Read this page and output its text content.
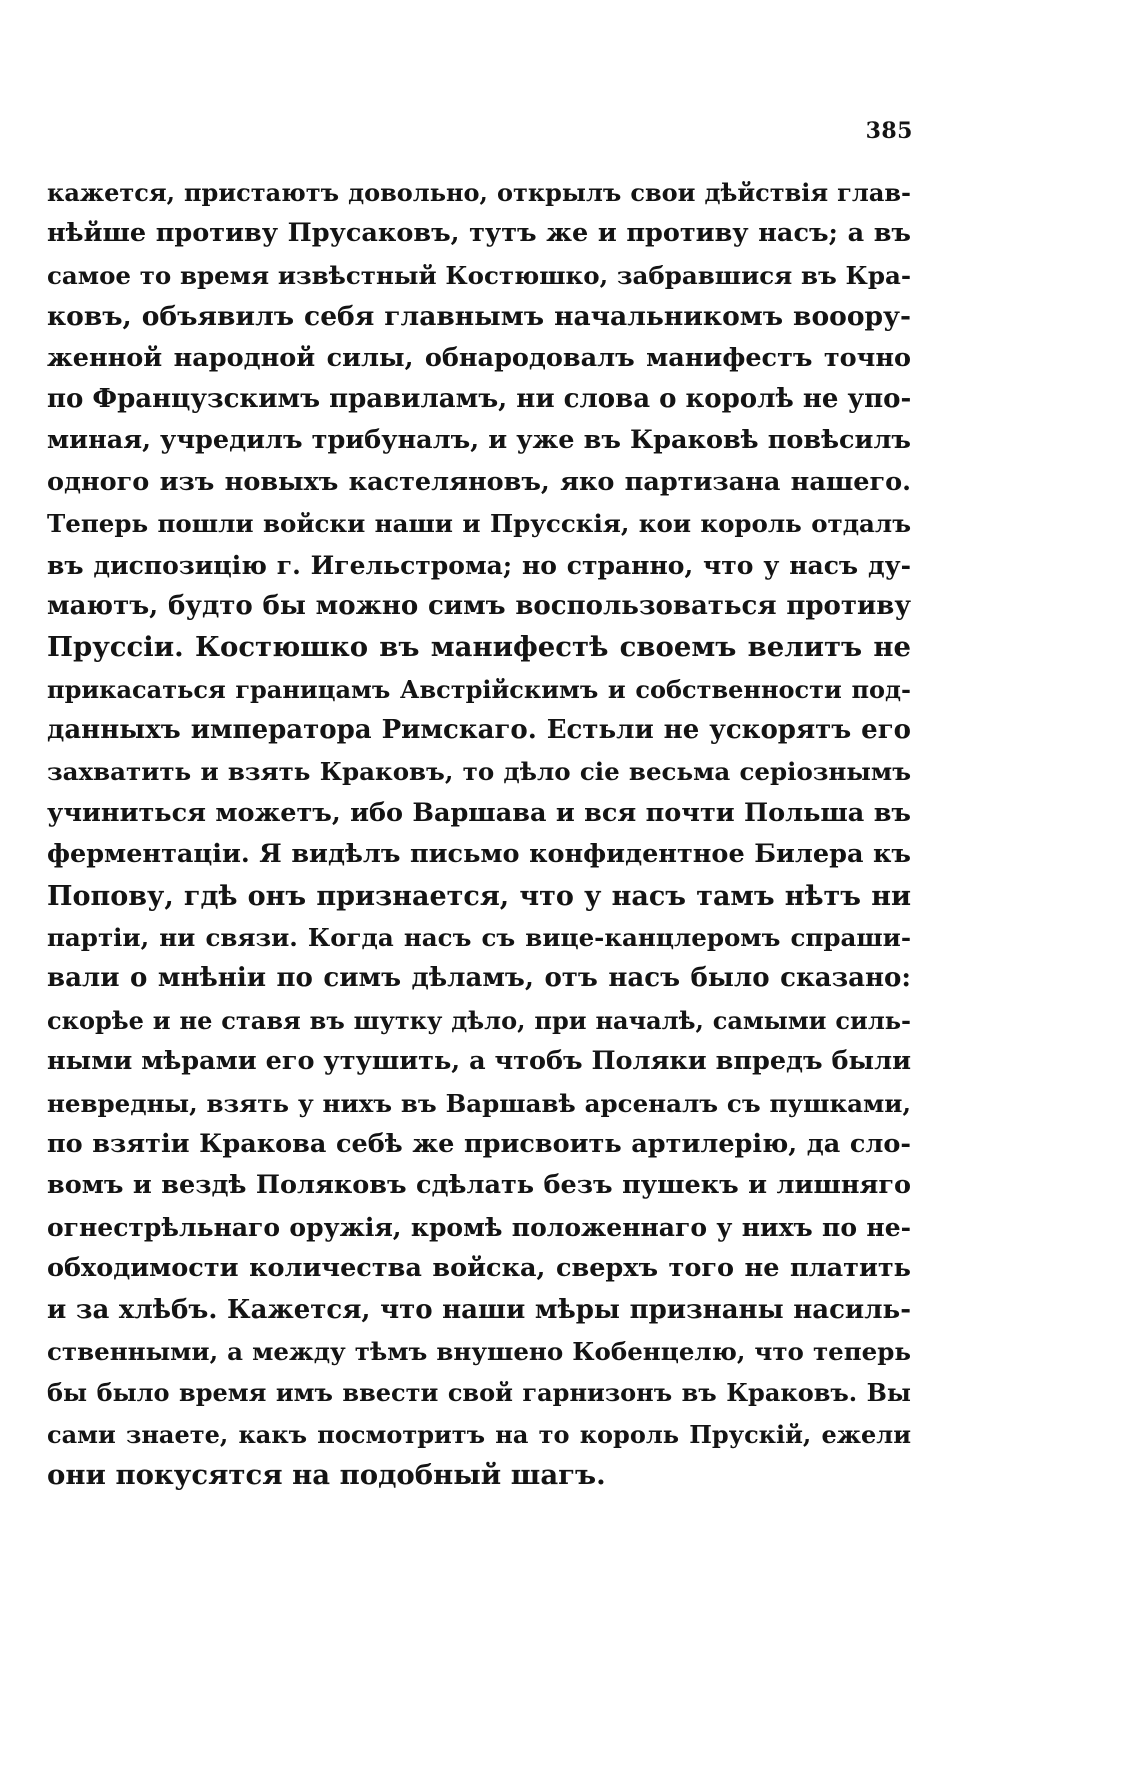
385
кажется, пристаютъ довольно, открылъ свои дѣйствія глав-
нѣйше противу Прусаковъ, тутъ же и противу насъ; а въ
самое то время извѣстный Костюшко, забравшися въ Кра-
ковъ, объявилъ себя главнымъ начальникомъ вооору-
женной народной силы, обнародовалъ манифестъ точно
по Французскимъ правиламъ, ни слова о королѣ не упо-
миная, учредилъ трибуналъ, и уже въ Краковѣ повѣсилъ
одного изъ новыхъ кастеляновъ, яко партизана нашего.
Теперь пошли войски наши и Прусскія, кои король отдалъ
въ диспозицію г. Игельстрома; но странно, что у насъ ду-
маютъ, будто бы можно симъ воспользоваться противу
Пруссіи. Костюшко въ манифестѣ своемъ велитъ не
прикасаться границамъ Австрійскимъ и собственности под-
данныхъ императора Римскаго. Естьли не ускорятъ его
захватить и взять Краковъ, то дѣло сіе весьма серіознымъ
учиниться можетъ, ибо Варшава и вся почти Польша въ
ферментаціи. Я видѣлъ письмо конфидентное Билера къ
Попову, гдѣ онъ признается, что у насъ тамъ нѣтъ ни
партіи, ни связи. Когда насъ съ вице-канцлеромъ спраши-
вали о мнѣніи по симъ дѣламъ, отъ насъ было сказано:
скорѣе и не ставя въ шутку дѣло, при началѣ, самыми силь-
ными мѣрами его утушить, а чтобъ Поляки впредъ были
невредны, взять у нихъ въ Варшавѣ арсеналъ съ пушками,
по взятіи Кракова себѣ же присвоить артилерію, да сло-
вомъ и вездѣ Поляковъ сдѣлать безъ пушекъ и лишняго
огнестрѣльнаго оружія, кромѣ положеннаго у нихъ по не-
обходимости количества войска, сверхъ того не платить
и за хлѣбъ. Кажется, что наши мѣры признаны насиль-
ственными, а между тѣмъ внушено Кобенцелю, что теперь
бы было время имъ ввести свой гарнизонъ въ Краковъ. Вы
сами знаете, какъ посмотритъ на то король Прускій, ежели
они покусятся на подобный шагъ.
